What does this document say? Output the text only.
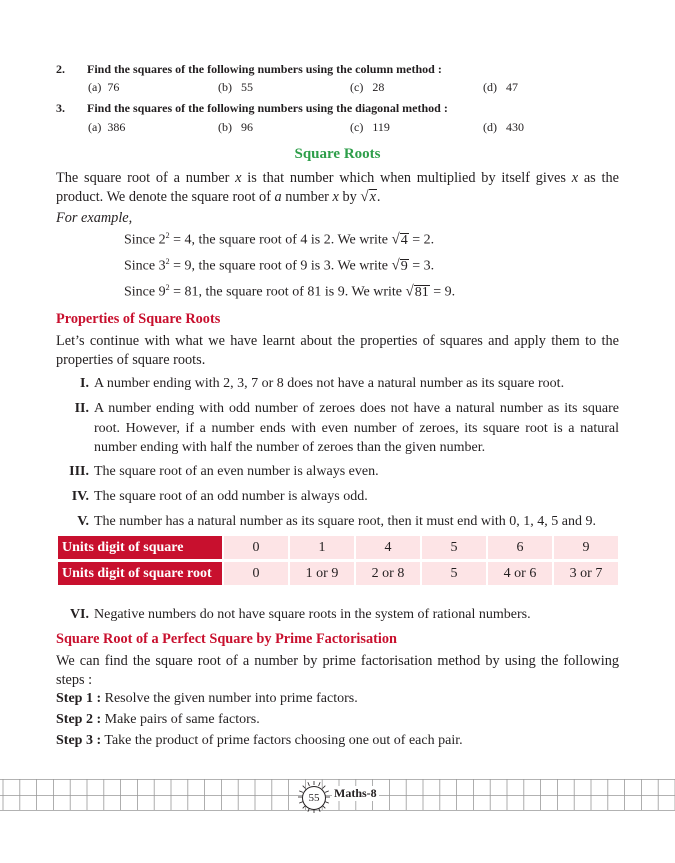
2. Find the squares of the following numbers using the column method :
(a) 76	(b) 55	(c) 28	(d) 47
3. Find the squares of the following numbers using the diagonal method :
(a) 386	(b) 96	(c) 119	(d) 430
Square Roots
The square root of a number x is that number which when multiplied by itself gives x as the product. We denote the square root of a number x by √x.
For example,
Since $2^2 = 4$, the square root of 4 is 2. We write √4 = 2.
Since $3^2 = 9$, the square root of 9 is 3. We write √9 = 3.
Since $9^2 = 81$, the square root of 81 is 9. We write √81 = 9.
Properties of Square Roots
Let’s continue with what we have learnt about the properties of squares and apply them to the properties of square roots.
I. A number ending with 2, 3, 7 or 8 does not have a natural number as its square root.
II. A number ending with odd number of zeroes does not have a natural number as its square root. However, if a number ends with even number of zeroes, its square root is a natural number ending with half the number of zeroes than the given number.
III. The square root of an even number is always even.
IV. The square root of an odd number is always odd.
V. The number has a natural number as its square root, then it must end with 0, 1, 4, 5 and 9.
Units digit of square	0	1	4	5	6	9
Units digit of square root	0	1 or 9	2 or 8	5	4 or 6	3 or 7
VI. Negative numbers do not have square roots in the system of rational numbers.
Square Root of a Perfect Square by Prime Factorisation
We can find the square root of a number by prime factorisation method by using the following steps :
Step 1 : Resolve the given number into prime factors.
Step 2 : Make pairs of same factors.
Step 3 : Take the product of prime factors choosing one out of each pair.
55	Maths-8
